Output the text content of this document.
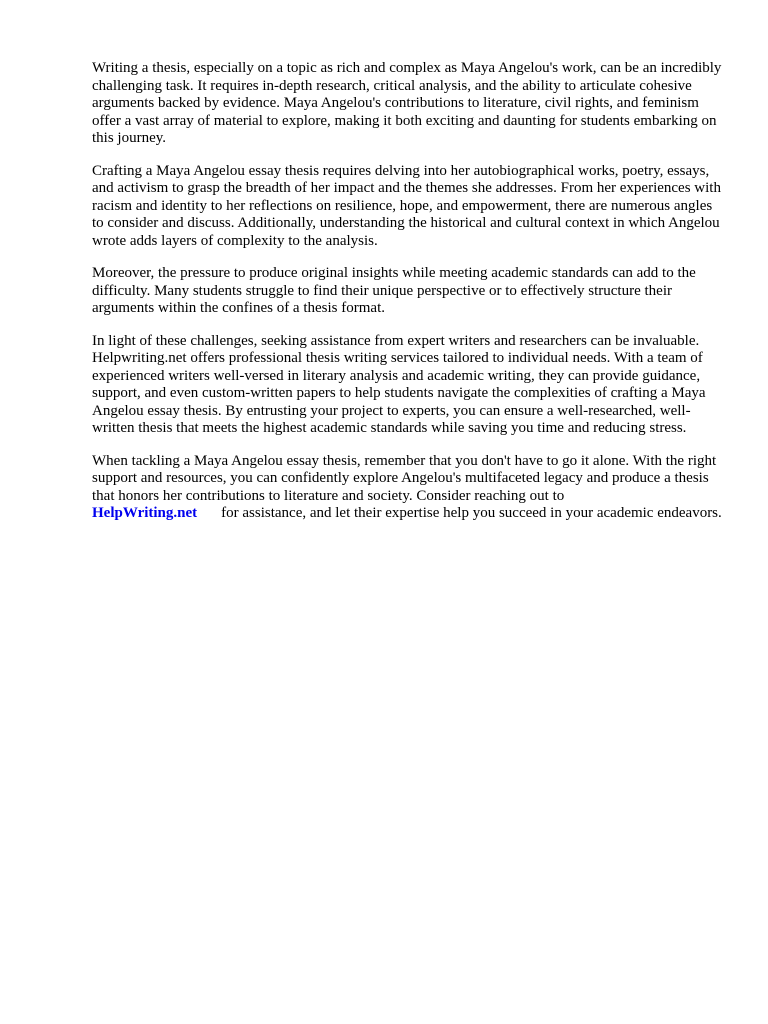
Writing a thesis, especially on a topic as rich and complex as Maya Angelou's work, can be an incredibly challenging task. It requires in-depth research, critical analysis, and the ability to articulate cohesive arguments backed by evidence. Maya Angelou's contributions to literature, civil rights, and feminism offer a vast array of material to explore, making it both exciting and daunting for students embarking on this journey.

Crafting a Maya Angelou essay thesis requires delving into her autobiographical works, poetry, essays, and activism to grasp the breadth of her impact and the themes she addresses. From her experiences with racism and identity to her reflections on resilience, hope, and empowerment, there are numerous angles to consider and discuss. Additionally, understanding the historical and cultural context in which Angelou wrote adds layers of complexity to the analysis.

Moreover, the pressure to produce original insights while meeting academic standards can add to the difficulty. Many students struggle to find their unique perspective or to effectively structure their arguments within the confines of a thesis format.

In light of these challenges, seeking assistance from expert writers and researchers can be invaluable. Helpwriting.net offers professional thesis writing services tailored to individual needs. With a team of experienced writers well-versed in literary analysis and academic writing, they can provide guidance, support, and even custom-written papers to help students navigate the complexities of crafting a Maya Angelou essay thesis. By entrusting your project to experts, you can ensure a well-researched, well-written thesis that meets the highest academic standards while saving you time and reducing stress.

When tackling a Maya Angelou essay thesis, remember that you don't have to go it alone. With the right support and resources, you can confidently explore Angelou's multifaceted legacy and produce a thesis that honors her contributions to literature and society. Consider reaching out to
HelpWriting.net for assistance, and let their expertise help you succeed in your academic endeavors.
